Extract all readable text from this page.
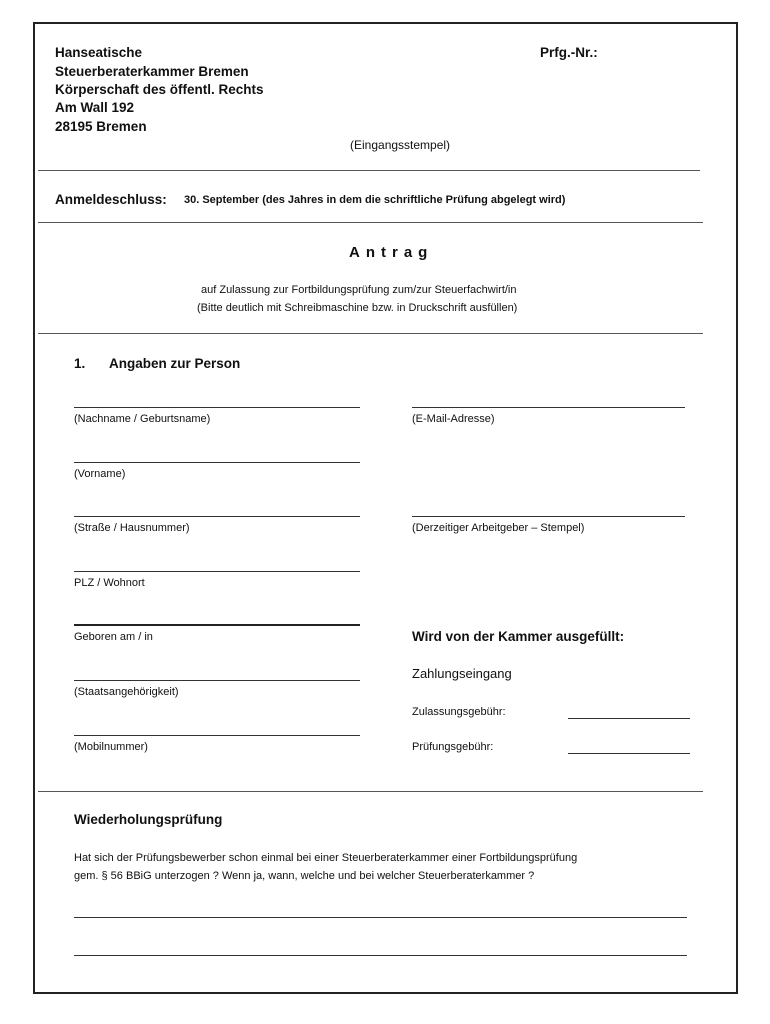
Hanseatische
Steuerberaterkammer Bremen
Körperschaft des öffentl. Rechts
Am Wall 192
28195 Bremen
Prfg.-Nr.:
(Eingangsstempel)
Anmeldeschluss: 30. September (des Jahres in dem die schriftliche Prüfung abgelegt wird)
Antrag
auf Zulassung zur Fortbildungsprüfung zum/zur Steuerfachwirt/in
(Bitte deutlich mit Schreibmaschine bzw. in Druckschrift ausfüllen)
1. Angaben zur Person
(Nachname / Geburtsname)
(Vorname)
(Straße / Hausnummer)
PLZ / Wohnort
Geboren am / in
(Staatsangehörigkeit)
(Mobilnummer)
(E-Mail-Adresse)
(Derzeitiger Arbeitgeber – Stempel)
Wird von der Kammer ausgefüllt:
Zahlungseingang
Zulassungsgebühr:
Prüfungsgebühr:
Wiederholungsprüfung
Hat sich der Prüfungsbewerber schon einmal bei einer Steuerberaterkammer einer Fortbildungsprüfung
gem. § 56 BBiG unterzogen ? Wenn ja, wann, welche und bei welcher Steuerberaterkammer ?
